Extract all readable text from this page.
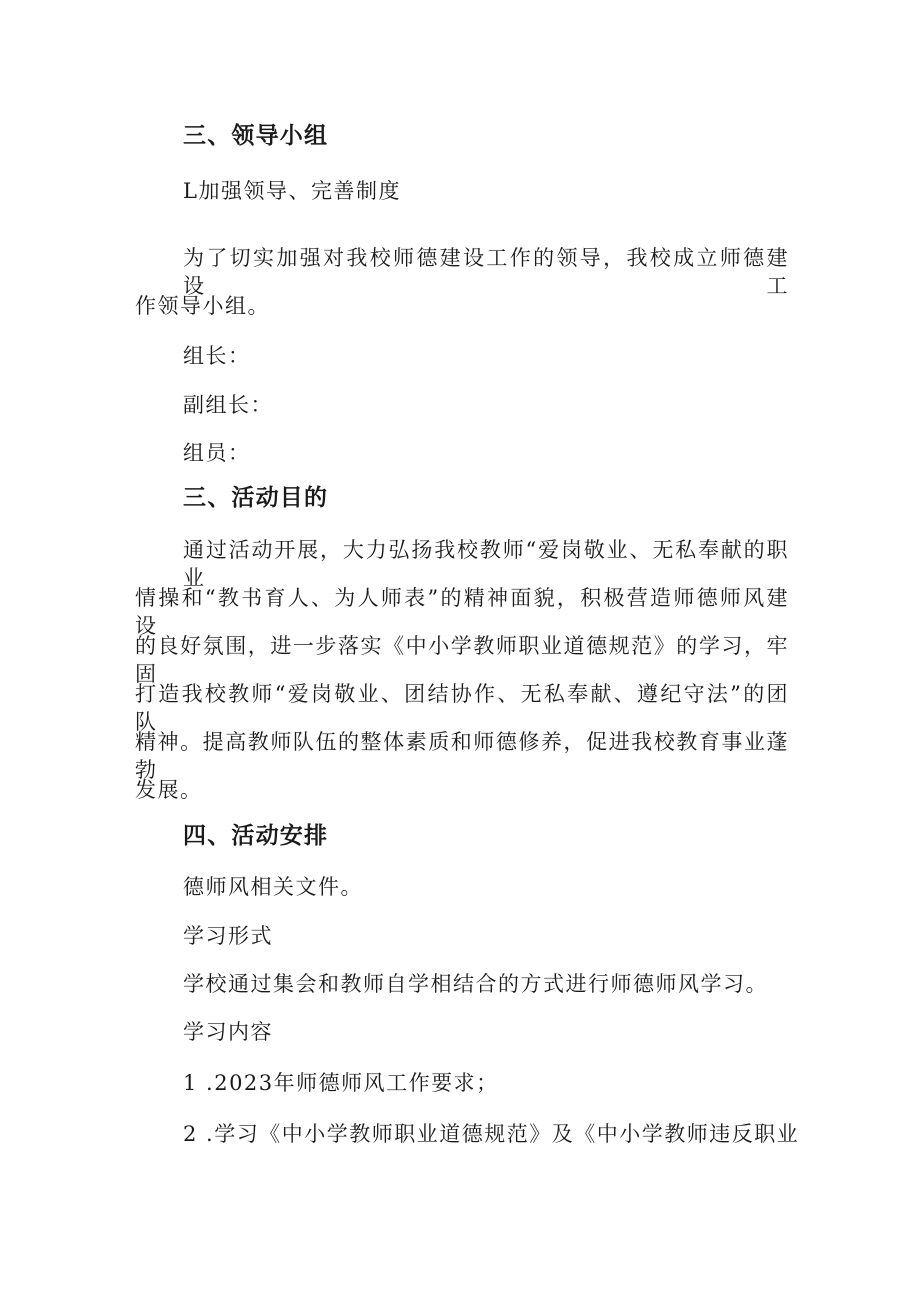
三、领导小组
L加强领导、完善制度
为了切实加强对我校师德建设工作的领导，我校成立师德建设工
作领导小组。
组长：
副组长：
组员：
三、活动目的
通过活动开展，大力弘扬我校教师“爱岗敬业、无私奉献的职业
情操和“教书育人、为人师表”的精神面貌，积极营造师德师风建设
的良好氛围，进一步落实《中小学教师职业道德规范》的学习，牢固
打造我校教师“爱岗敬业、团结协作、无私奉献、遵纪守法”的团队
精神。提高教师队伍的整体素质和师德修养，促进我校教育事业蓬勃
发展。
四、活动安排
德师风相关文件。
学习形式
学校通过集会和教师自学相结合的方式进行师德师风学习。
学习内容
1 .2023年师德师风工作要求；
2 .学习《中小学教师职业道德规范》及《中小学教师违反职业
